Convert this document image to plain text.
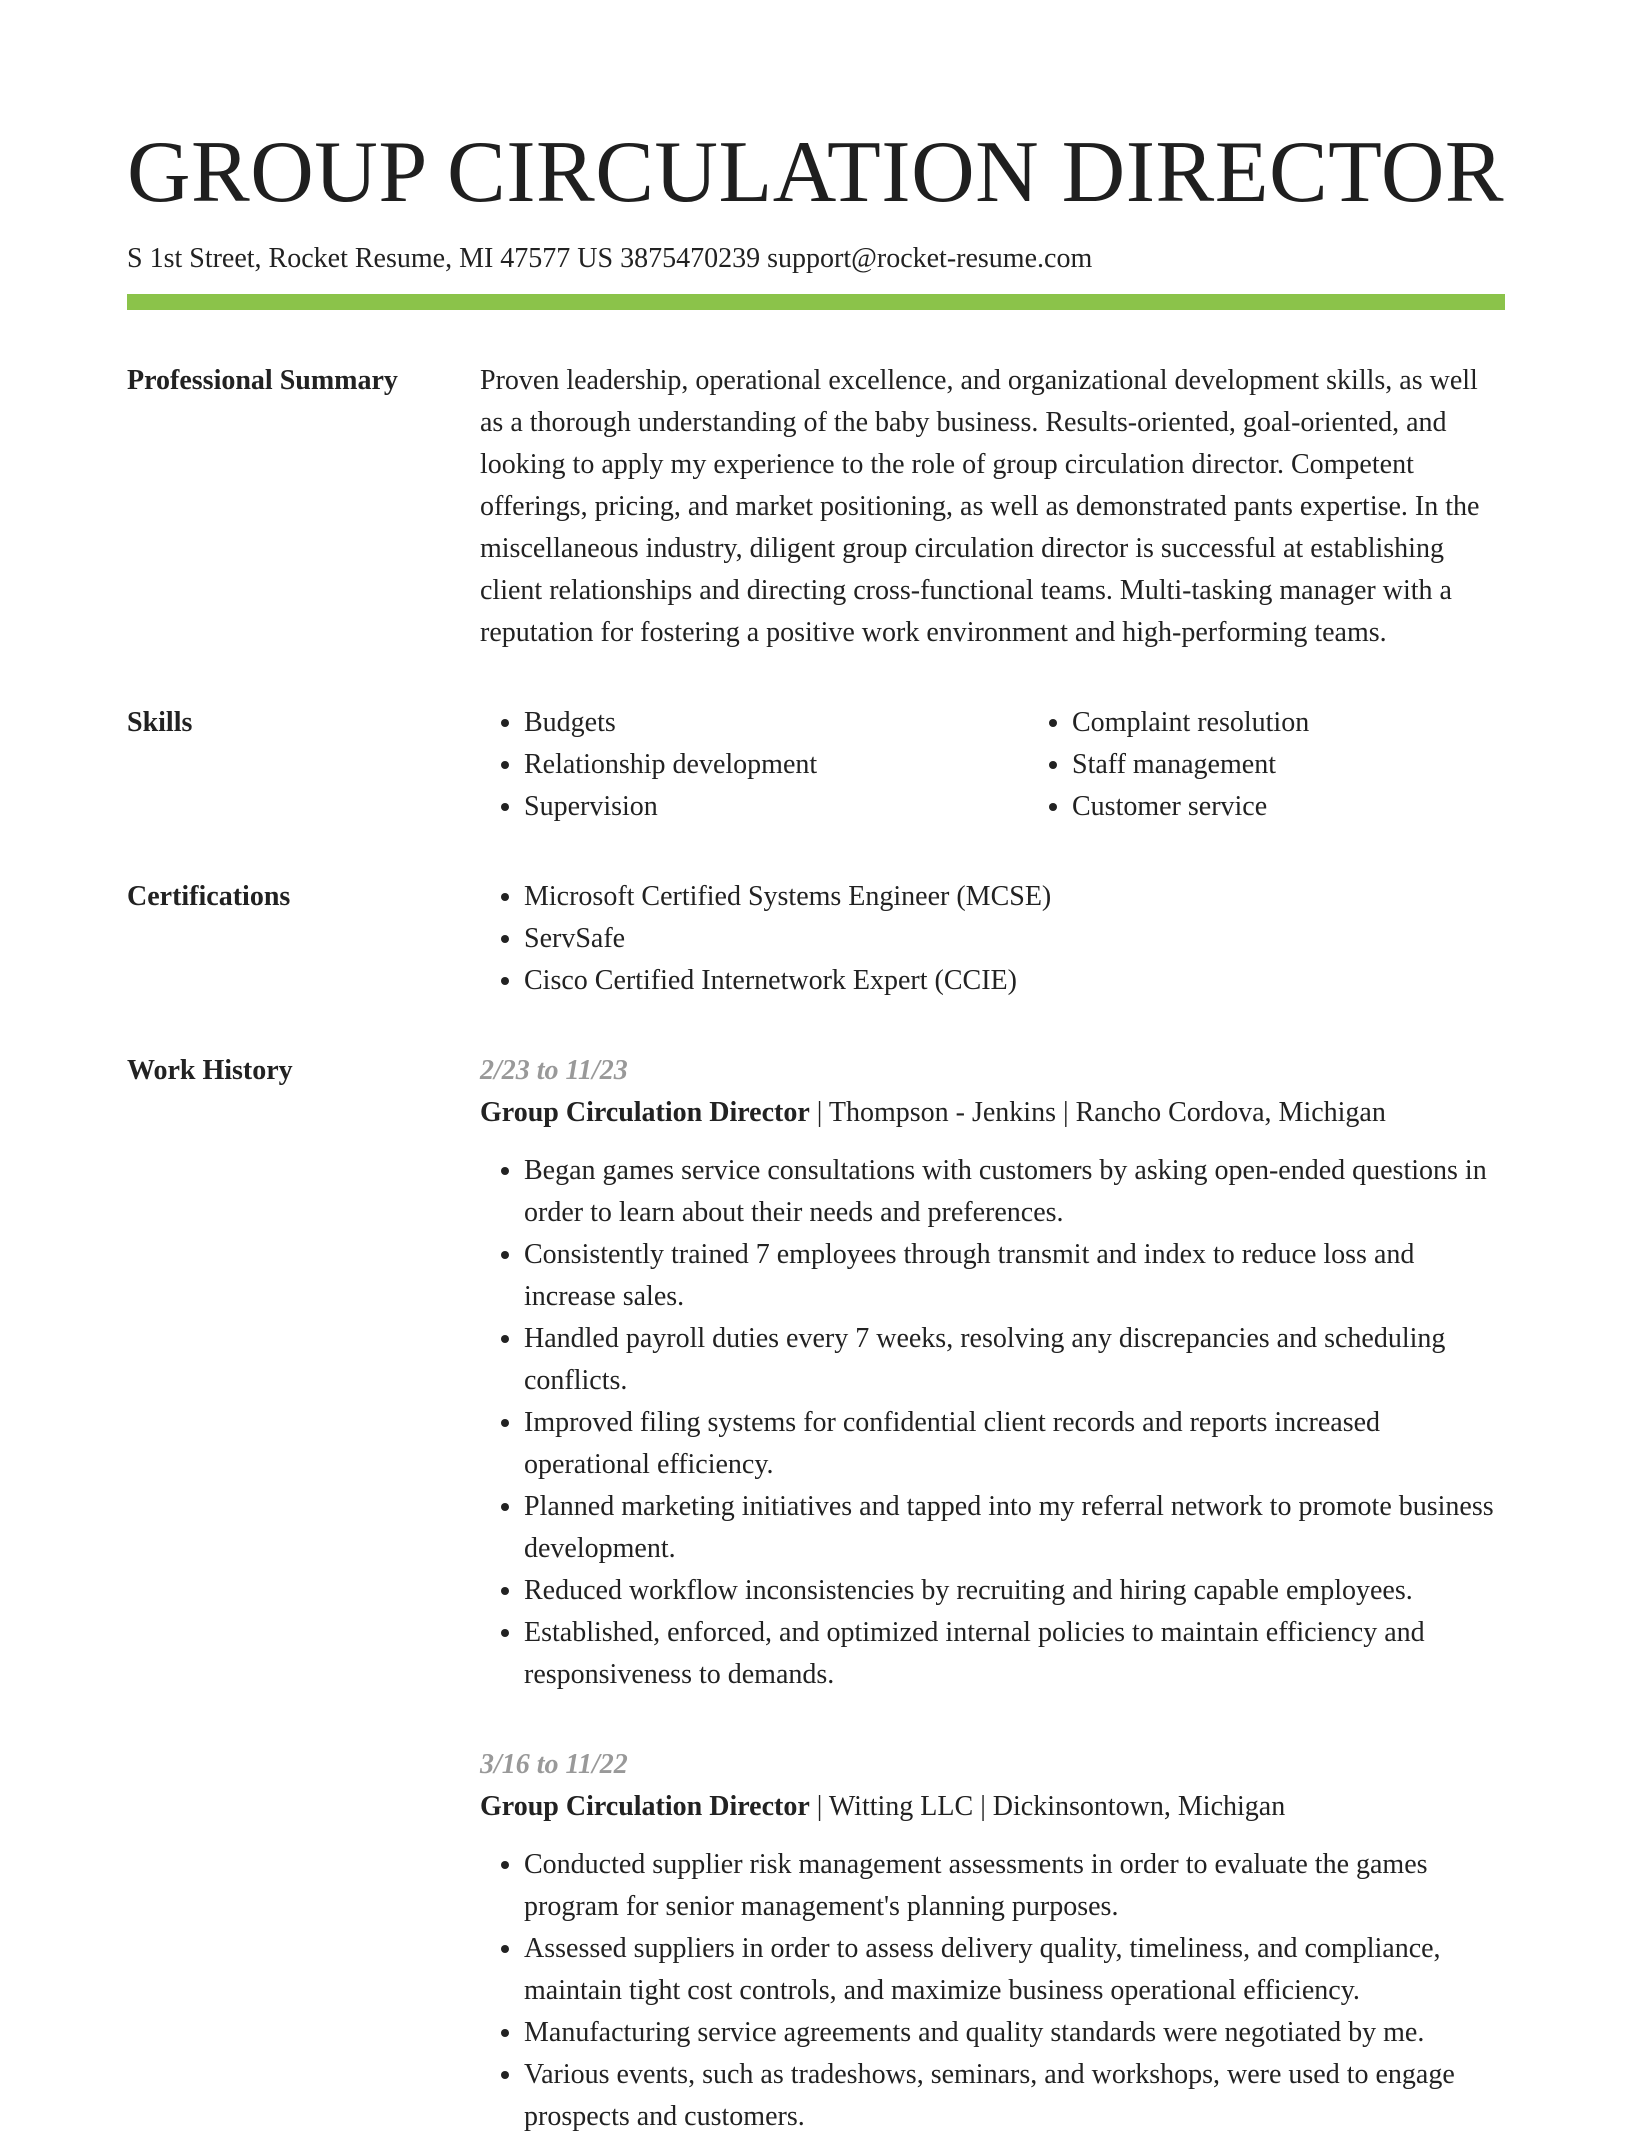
GROUP CIRCULATION DIRECTOR
S 1st Street, Rocket Resume, MI 47577 US 3875470239 support@rocket-resume.com
Professional Summary	Proven leadership, operational excellence, and organizational development skills, as well as a thorough understanding of the baby business. Results-oriented, goal-oriented, and looking to apply my experience to the role of group circulation director. Competent offerings, pricing, and market positioning, as well as demonstrated pants expertise. In the miscellaneous industry, diligent group circulation director is successful at establishing client relationships and directing cross-functional teams. Multi-tasking manager with a reputation for fostering a positive work environment and high-performing teams.

Skills	• Budgets
• Relationship development
• Supervision
• Complaint resolution
• Staff management
• Customer service
Certifications	• Microsoft Certified Systems Engineer (MCSE)
• ServSafe
• Cisco Certified Internetwork Expert (CCIE)
Work History	2/23 to 11/23
Group Circulation Director | Thompson - Jenkins | Rancho Cordova, Michigan
• Began games service consultations with customers by asking open-ended questions in order to learn about their needs and preferences.
• Consistently trained 7 employees through transmit and index to reduce loss and increase sales.
• Handled payroll duties every 7 weeks, resolving any discrepancies and scheduling conflicts.
• Improved filing systems for confidential client records and reports increased operational efficiency.
• Planned marketing initiatives and tapped into my referral network to promote business development.
• Reduced workflow inconsistencies by recruiting and hiring capable employees.
• Established, enforced, and optimized internal policies to maintain efficiency and responsiveness to demands.
3/16 to 11/22
Group Circulation Director | Witting LLC | Dickinsontown, Michigan
• Conducted supplier risk management assessments in order to evaluate the games program for senior management's planning purposes.
• Assessed suppliers in order to assess delivery quality, timeliness, and compliance, maintain tight cost controls, and maximize business operational efficiency.
• Manufacturing service agreements and quality standards were negotiated by me.
• Various events, such as tradeshows, seminars, and workshops, were used to engage prospects and customers.
